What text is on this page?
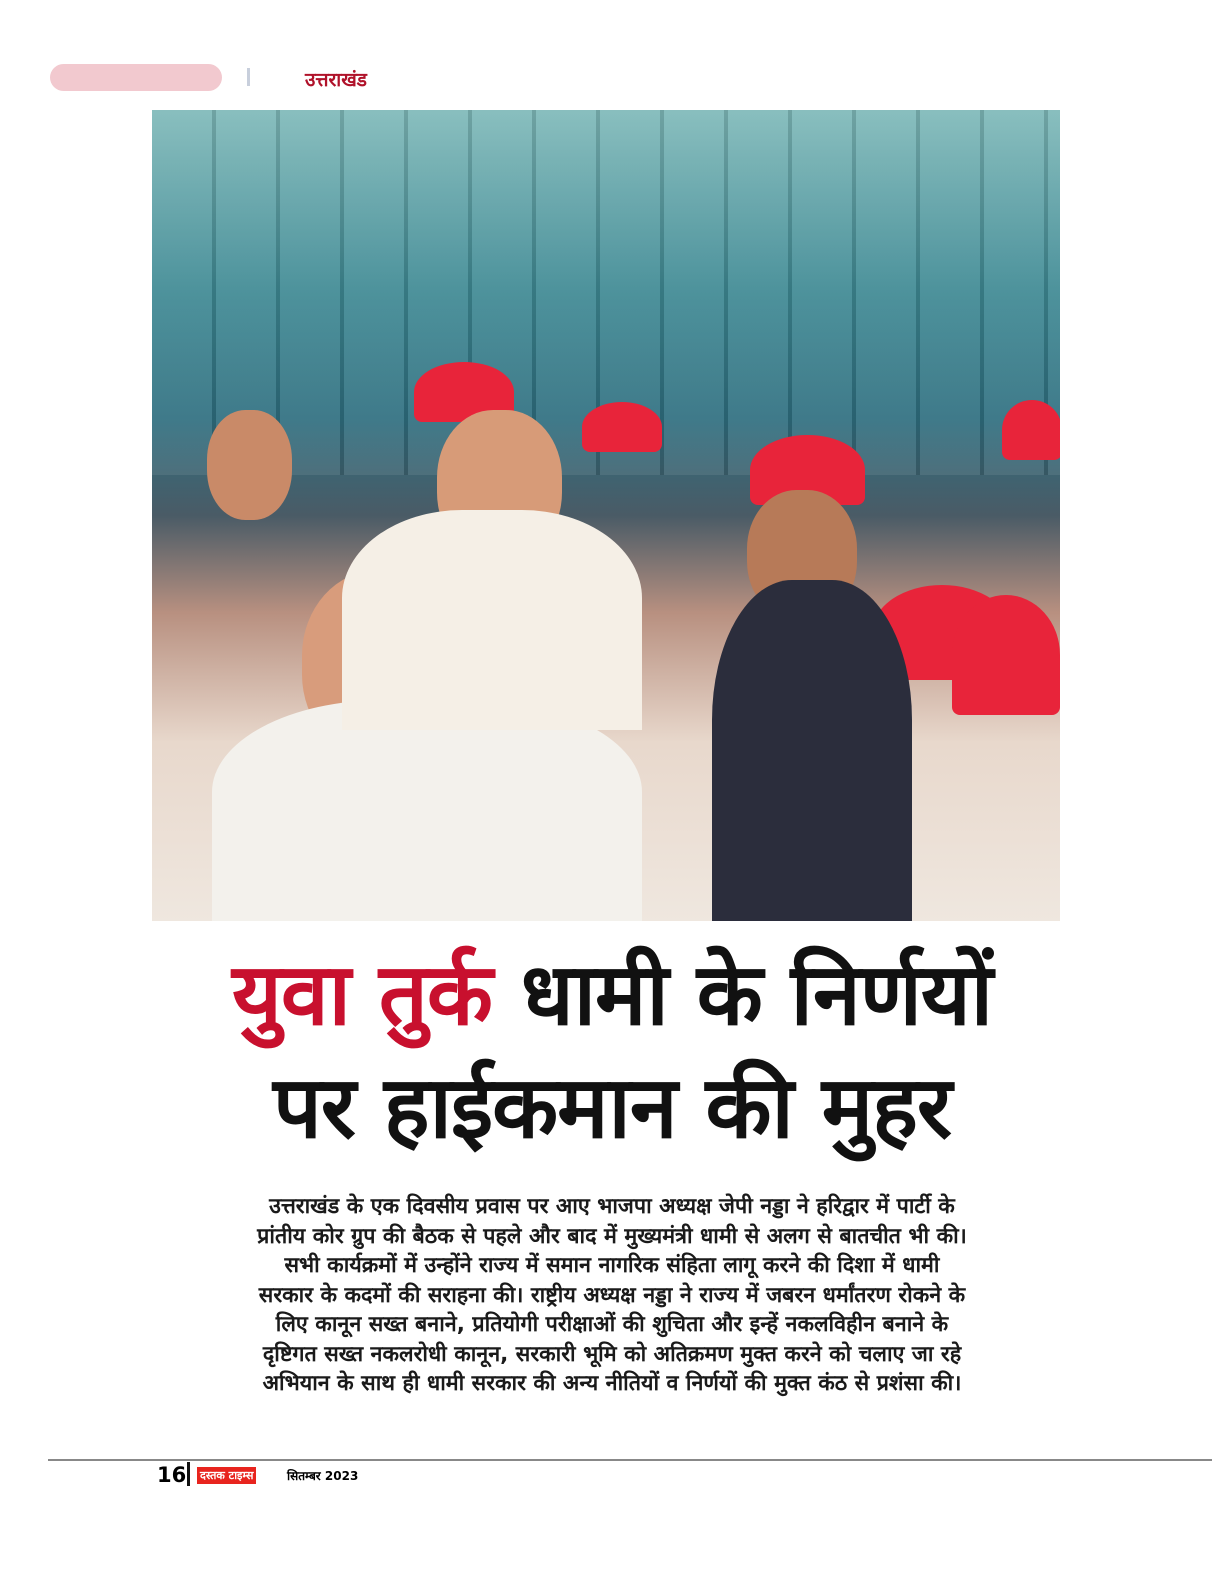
उत्तराखंड
युवा तुर्क धामी के निर्णयों
पर हाईकमान की मुहर
उत्तराखंड के एक दिवसीय प्रवास पर आए भाजपा अध्यक्ष जेपी नड्डा ने हरिद्वार में पार्टी के
प्रांतीय कोर ग्रुप की बैठक से पहले और बाद में मुख्यमंत्री धामी से अलग से बातचीत भी की।
सभी कार्यक्रमों में उन्होंने राज्य में समान नागरिक संहिता लागू करने की दिशा में धामी
सरकार के कदमों की सराहना की। राष्ट्रीय अध्यक्ष नड्डा ने राज्य में जबरन धर्मांतरण रोकने के
लिए कानून सख्त बनाने, प्रतियोगी परीक्षाओं की शुचिता और इन्हें नकलविहीन बनाने के
दृष्टिगत सख्त नकलरोधी कानून, सरकारी भूमि को अतिक्रमण मुक्त करने को चलाए जा रहे
अभियान के साथ ही धामी सरकार की अन्य नीतियों व निर्णयों की मुक्त कंठ से प्रशंसा की।
16 दस्तक टाइम्स	सितम्बर 2023
